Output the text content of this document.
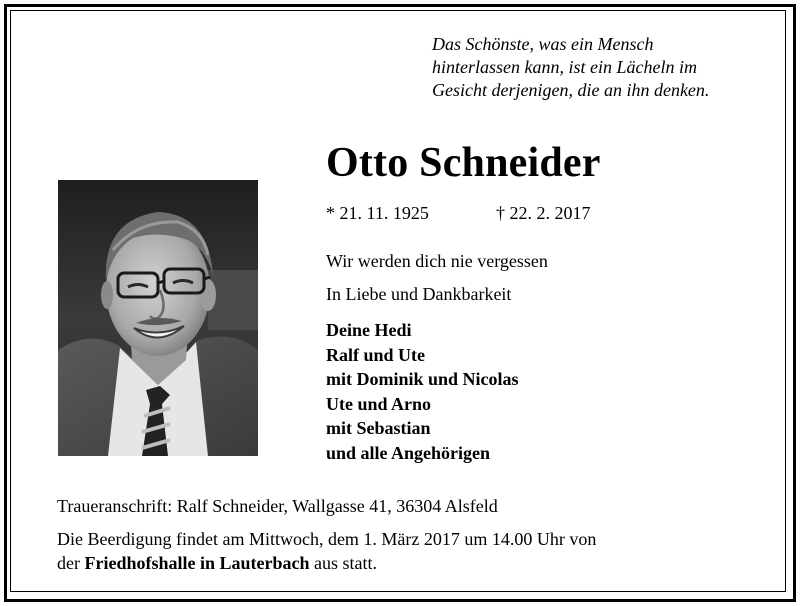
Das Schönste, was ein Mensch
hinterlassen kann, ist ein Lächeln im
Gesicht derjenigen, die an ihn denken.
Otto Schneider
* 21. 11. 1925	† 22. 2. 2017
Wir werden dich nie vergessen
In Liebe und Dankbarkeit
Deine Hedi
Ralf und Ute
mit Dominik und Nicolas
Ute und Arno
mit Sebastian
und alle Angehörigen
Traueranschrift: Ralf Schneider, Wallgasse 41, 36304 Alsfeld
Die Beerdigung findet am Mittwoch, dem 1. März 2017 um 14.00 Uhr von
der Friedhofshalle in Lauterbach aus statt.
